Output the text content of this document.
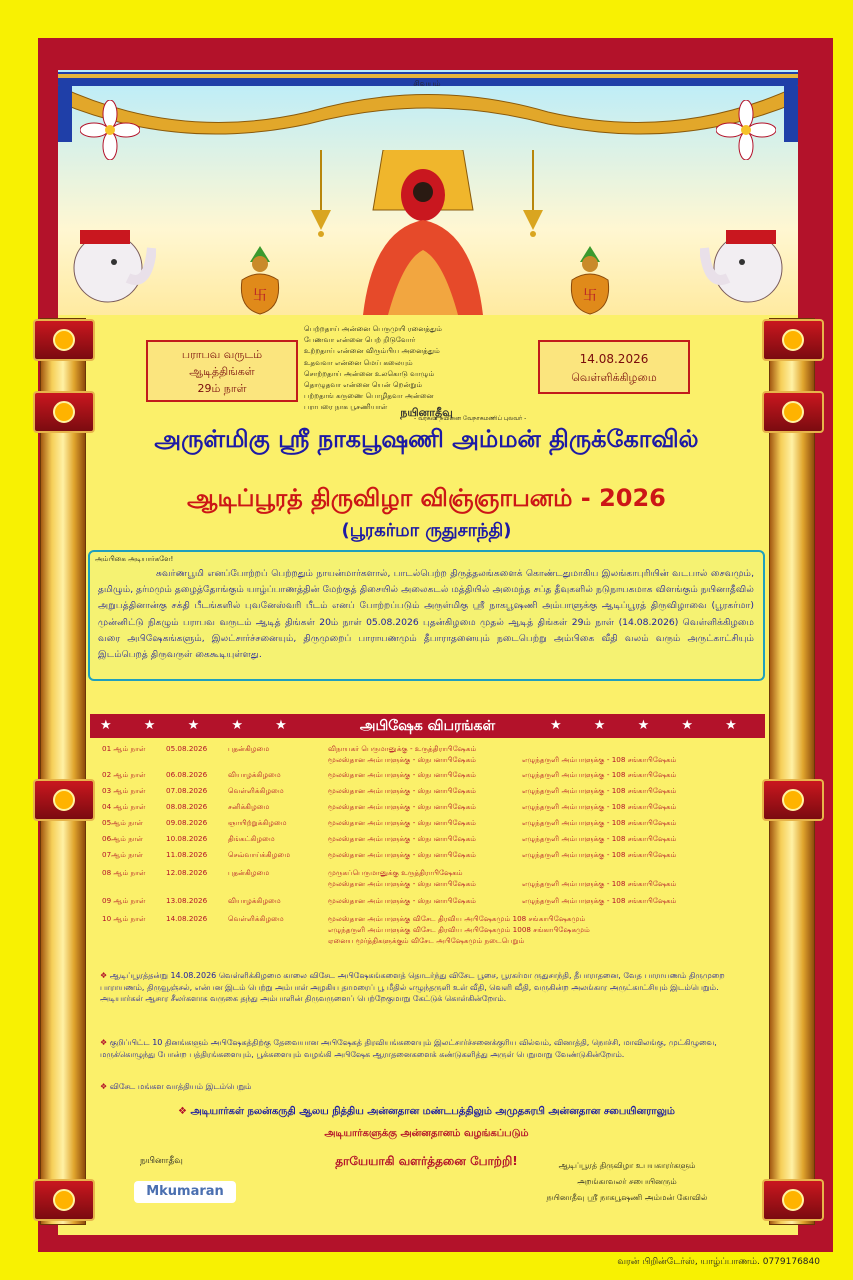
சிவயம்
卐	卐
பராபவ வருடம்
ஆடித்திங்கள்
29ம் நாள்
14.08.2026
வெள்ளிக்கிழமை
பெற்றதாய் அன்னை பெருமுயி ரனைத்தும்
பேணவா என்னை பெற் றிடுவோர்
உற்றதாய் என்னை விரும்பிய அனைத்தும்
உதவவா என்னை மெய் கலையும்
சொற்றதாய் அன்னை உலகொடு வாழும்
தொழுதவா என்னை யென் றென்றும்
பற்றதாங் கருணை பொழிதவா அன்னை
பராபரை நாக பூசணியாள்
- வரகவி நயினை வேநாகமணிப் புலவர் -
நயினாதீவு
அருள்மிகு ஸ்ரீ நாகபூஷணி அம்மன் திருக்கோவில்
ஆடிப்பூரத் திருவிழா விஞ்ஞாபனம் - 2026
(பூரகர்மா ருதுசாந்தி)
அம்பிகை அடியார்களே!
சுவர்ணபூமி எனப்போற்றப் பெற்றதும் நாயன்மார்களால், பாடல்பெற்ற திருத்தலங்களைக் கொண்டதுமாகிய இலங்காபுரியின் வடபால் சைவமும், தமிழும், தர்மமும் தழைத்தோங்கும் யாழ்ப்பாணத்தின் மேற்குத் திசையில் அலைகடல் மத்தியில் அமைந்த சப்த தீவுகளில் நடுநாயகமாக விளங்கும் நயினாதீவில் அறுபத்தினான்கு சக்தி பீடங்களில் புவனேஸ்வரி பீடம் எனப் போற்றப்படும் அருள்மிகு ஸ்ரீ நாகபூஷணி அம்பாளுக்கு ஆடிப்பூரத் திருவிழாவை (பூரகர்மா) முன்னிட்டு நிகழும் பராபவ வருடம் ஆடித் திங்கள் 20ம் நாள் 05.08.2026 புதன்கிழமை முதல் ஆடித் திங்கள் 29ம் நாள் (14.08.2026) வெள்ளிக்கிழமை வரை அபிஷேகங்களும், இலட்சார்ச்சனையும், திருமுறைப் பாராயணமும் தீபாராதனையும் நடைபெற்று அம்பிகை வீதி வலம் வரும் அருட்காட்சியும் இடம்பெறத் திருவருள் கைகூடியுள்ளது.
★ ★ ★ ★ ★	அபிஷேக விபரங்கள்	★ ★ ★ ★ ★
01 ஆம் நாள்	05.08.2026	புதன்கிழமை	விநாயகர் பெருமானுக்கு - உருத்திராபிஷேகம்
மூலஸ்தான அம்பாளுக்கு - ஸ்நபனாபிஷேகம்	எழுந்தருளி அம்பாளுக்கு - 108 சங்காபிஷேகம்
02 ஆம் நாள்	06.08.2026	வியாழக்கிழமை	மூலஸ்தான அம்பாளுக்கு - ஸ்நபனாபிஷேகம்	எழுந்தருளி அம்பாளுக்கு - 108 சங்காபிஷேகம்
03 ஆம் நாள்	07.08.2026	வெள்ளிக்கிழமை	மூலஸ்தான அம்பாளுக்கு - ஸ்நபனாபிஷேகம்	எழுந்தருளி அம்பாளுக்கு - 108 சங்காபிஷேகம்
04 ஆம் நாள்	08.08.2026	சனிக்கிழமை	மூலஸ்தான அம்பாளுக்கு - ஸ்நபனாபிஷேகம்	எழுந்தருளி அம்பாளுக்கு - 108 சங்காபிஷேகம்
05ஆம் நாள்	09.08.2026	ஞாயிற்றுக்கிழமை	மூலஸ்தான அம்பாளுக்கு - ஸ்நபனாபிஷேகம்	எழுந்தருளி அம்பாளுக்கு - 108 சங்காபிஷேகம்
06ஆம் நாள்	10.08.2026	திங்கட்கிழமை	மூலஸ்தான அம்பாளுக்கு - ஸ்நபனாபிஷேகம்	எழுந்தருளி அம்பாளுக்கு - 108 சங்காபிஷேகம்
07ஆம் நாள்	11.08.2026	செவ்வாய்க்கிழமை	மூலஸ்தான அம்பாளுக்கு - ஸ்நபனாபிஷேகம்	எழுந்தருளி அம்பாளுக்கு - 108 சங்காபிஷேகம்
08 ஆம் நாள்	12.08.2026	புதன்கிழமை	முருகப்பெருமானுக்கு உருத்திராபிஷேகம்
மூலஸ்தான அம்பாளுக்கு - ஸ்நபனாபிஷேகம்	எழுந்தருளி அம்பாளுக்கு - 108 சங்காபிஷேகம்
09 ஆம் நாள்	13.08.2026	வியாழக்கிழமை	மூலஸ்தான அம்பாளுக்கு - ஸ்நபனாபிஷேகம்	எழுந்தருளி அம்பாளுக்கு - 108 சங்காபிஷேகம்
10 ஆம் நாள்	14.08.2026	வெள்ளிக்கிழமை	மூலஸ்தான அம்பாளுக்கு விசேட திரவிய அபிஷேகமும் 108 சங்காபிஷேகமும்
எழுந்தருளி அம்பாளுக்கு விசேட திரவிய அபிஷேகமும் 1008 சங்காபிஷேகமும்
ஏனைய மூர்த்திகளுக்கும் விசேட அபிஷேகமும் நடைபெறும்
❖ ஆடிப்பூரத்தன்று 14.08.2026 வெள்ளிக்கிழமை காலை விசேட அபிஷேகங்களைத் தொடர்ந்து விசேட பூசை, பூரகர்மா ருதுசாந்தி, தீபாராதனை, வேத பாராயணம் திருமுறை பாராயணம், திருவூஞ்சல், என்பன இடம் பெற்று அம்பாள் அழகிய தாமரைப் பூ மீதில் எழுந்தருளி உள் வீதி, வெளி வீதி, வருகின்ற அலங்கார அருட்காட்சியும் இடம்பெறும். அடியார்கள் ஆசார சீலர்களாக வருகை தந்து அம்பாளின் திருவருளைப் பெற்றேகுமாறு கேட்டுக் கொள்கின்றோம்.
❖ குறிப்பிட்ட 10 தினங்களும் அபிஷேகத்திற்கு தேவையான அபிஷேகத் திரவியங்களையும் இலட்சார்ச்சனைக்குரிய வில்வம், வினாத்தி, நொச்சி, மாவிலங்கு, முட்கிழுவை, மருக்கொழுந்து போன்ற பத்திரங்களையும், பூக்களையும் வழங்கி அபிஷேக ஆராதனைகளைக் கண்டுகளித்து அருள் பெறுமாறு வேண்டுகின்றோம்.
❖ விசேட மங்கள வாத்தியம் இடம்பெறும்
❖ அடியார்கள் நலன்கருதி ஆலய நித்திய அன்னதான மண்டபத்திலும் அமுதசுரபி அன்னதான சபையினராலும்
அடியார்களுக்கு அன்னதானம் வழங்கப்படும்
தாயேயாகி வளர்த்தனை போற்றி!
நயினாதீவு
Mkumaran
ஆடிப்பூரத் திருவிழா உபயகாரர்களும்
அறங்காவலர் சபையினரும்
நயினாதீவு ஸ்ரீ நாகபூஷணி அம்மன் கோவில்
வரன் பிறின்டேர்ஸ், யாழ்ப்பாணம். 0779176840
